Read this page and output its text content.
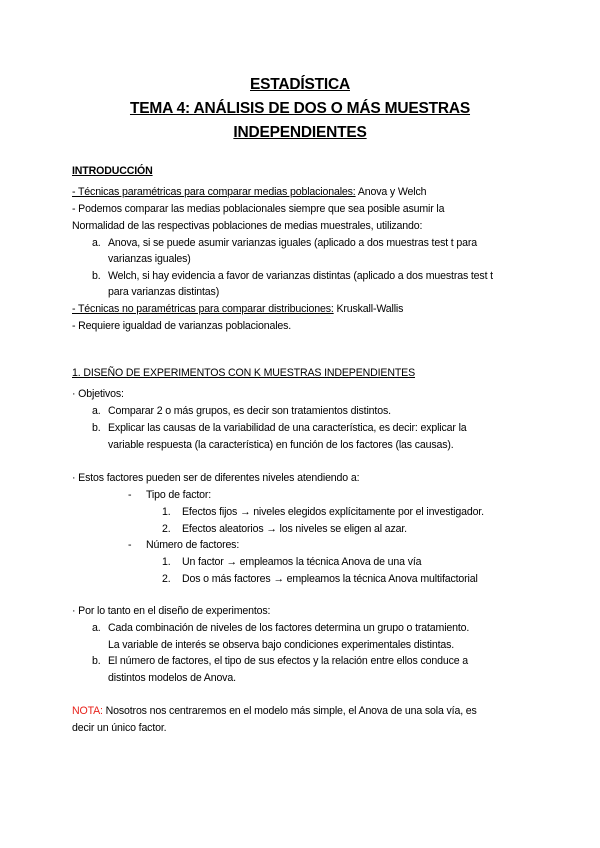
ESTADÍSTICA
TEMA 4: ANÁLISIS DE DOS O MÁS MUESTRAS
INDEPENDIENTES
INTRODUCCIÓN
- Técnicas paramétricas para comparar medias poblacionales: Anova y Welch
- Podemos comparar las medias poblacionales siempre que sea posible asumir la
Normalidad de las respectivas poblaciones de medias muestrales, utilizando:
a. Anova, si se puede asumir varianzas iguales (aplicado a dos muestras test t para
varianzas iguales)
b. Welch, si hay evidencia a favor de varianzas distintas (aplicado a dos muestras test t
para varianzas distintas)
- Técnicas no paramétricas para comparar distribuciones: Kruskall-Wallis
- Requiere igualdad de varianzas poblacionales.
1. DISEÑO DE EXPERIMENTOS CON K MUESTRAS INDEPENDIENTES
· Objetivos:
a. Comparar 2 o más grupos, es decir son tratamientos distintos.
b. Explicar las causas de la variabilidad de una característica, es decir: explicar la
variable respuesta (la característica) en función de los factores (las causas).
· Estos factores pueden ser de diferentes niveles atendiendo a:
- Tipo de factor:
1. Efectos fijos → niveles elegidos explícitamente por el investigador.
2. Efectos aleatorios → los niveles se eligen al azar.
- Número de factores:
1. Un factor → empleamos la técnica Anova de una vía
2. Dos o más factores → empleamos la técnica Anova multifactorial
· Por lo tanto en el diseño de experimentos:
a. Cada combinación de niveles de los factores determina un grupo o tratamiento.
La variable de interés se observa bajo condiciones experimentales distintas.
b. El número de factores, el tipo de sus efectos y la relación entre ellos conduce a
distintos modelos de Anova.
NOTA: Nosotros nos centraremos en el modelo más simple, el Anova de una sola vía, es
decir un único factor.
